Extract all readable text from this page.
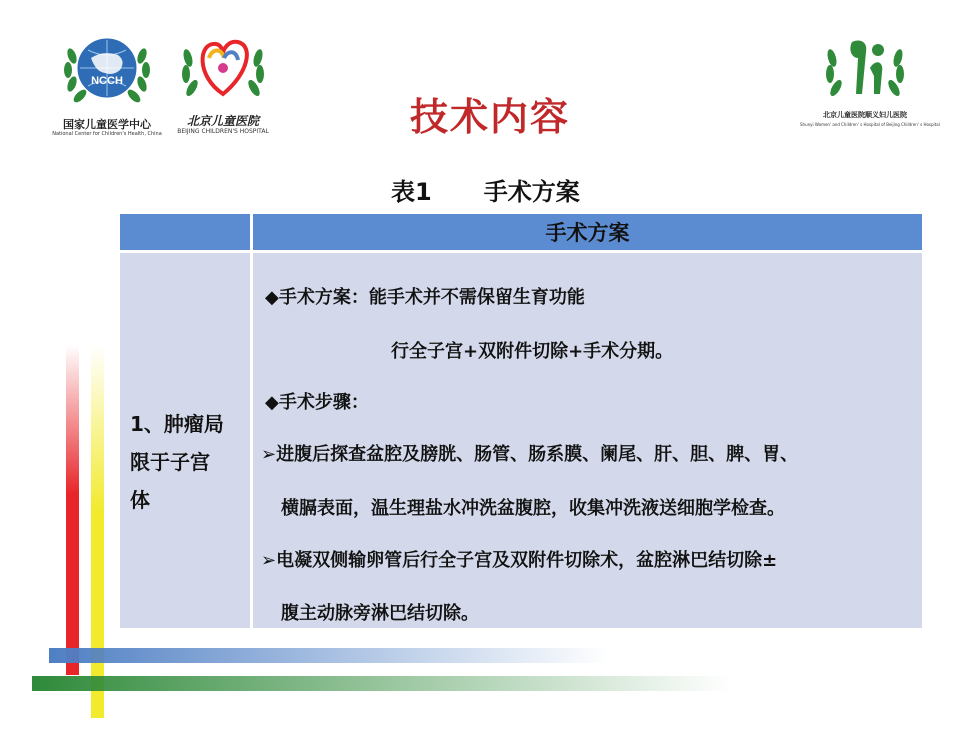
NCCH
国家儿童医学中心
National Center for Children's Health, China
北京儿童医院
BEIJING CHILDREN'S HOSPITAL
北京儿童医院顺义妇儿医院
Shunyi Women' and Children' s Hospital of Beijing Children' s Hospital
技术内容
表1 手术方案
手术方案
1、肿瘤局
限于子宫
体
◆手术方案：能手术并不需保留生育功能
行全子宫+双附件切除+手术分期。
◆手术步骤：
➢进腹后探查盆腔及膀胱、肠管、肠系膜、阑尾、肝、胆、脾、胃、
横膈表面，温生理盐水冲洗盆腹腔，收集冲洗液送细胞学检查。
➢电凝双侧输卵管后行全子宫及双附件切除术，盆腔淋巴结切除±
腹主动脉旁淋巴结切除。
